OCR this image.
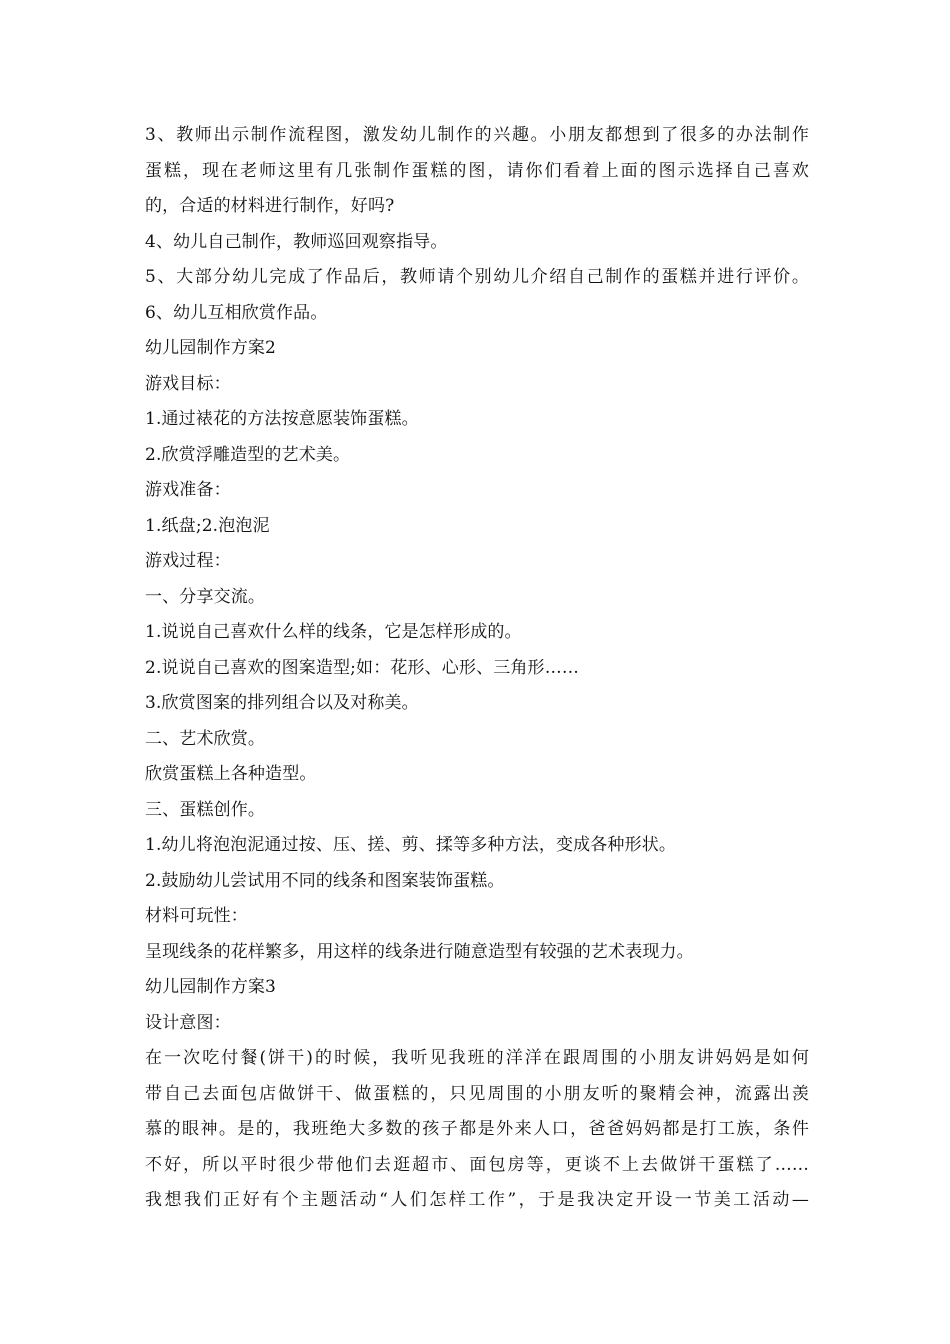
3、教师出示制作流程图，激发幼儿制作的兴趣。小朋友都想到了很多的办法制作
蛋糕，现在老师这里有几张制作蛋糕的图，请你们看着上面的图示选择自己喜欢
的，合适的材料进行制作，好吗?
4、幼儿自己制作，教师巡回观察指导。
5、大部分幼儿完成了作品后，教师请个别幼儿介绍自己制作的蛋糕并进行评价。
6、幼儿互相欣赏作品。
幼儿园制作方案2
游戏目标：
1.通过裱花的方法按意愿装饰蛋糕。
2.欣赏浮雕造型的艺术美。
游戏准备：
1.纸盘;2.泡泡泥
游戏过程：
一、分享交流。
1.说说自己喜欢什么样的线条，它是怎样形成的。
2.说说自己喜欢的图案造型;如：花形、心形、三角形……
3.欣赏图案的排列组合以及对称美。
二、艺术欣赏。
欣赏蛋糕上各种造型。
三、蛋糕创作。
1.幼儿将泡泡泥通过按、压、搓、剪、揉等多种方法，变成各种形状。
2.鼓励幼儿尝试用不同的线条和图案装饰蛋糕。
材料可玩性：
呈现线条的花样繁多，用这样的线条进行随意造型有较强的艺术表现力。
幼儿园制作方案3
设计意图：
在一次吃付餐(饼干)的时候，我听见我班的洋洋在跟周围的小朋友讲妈妈是如何
带自己去面包店做饼干、做蛋糕的，只见周围的小朋友听的聚精会神，流露出羡
慕的眼神。是的，我班绝大多数的孩子都是外来人口，爸爸妈妈都是打工族，条件
不好，所以平时很少带他们去逛超市、面包房等，更谈不上去做饼干蛋糕了……
我想我们正好有个主题活动“人们怎样工作”，于是我决定开设一节美工活动—
